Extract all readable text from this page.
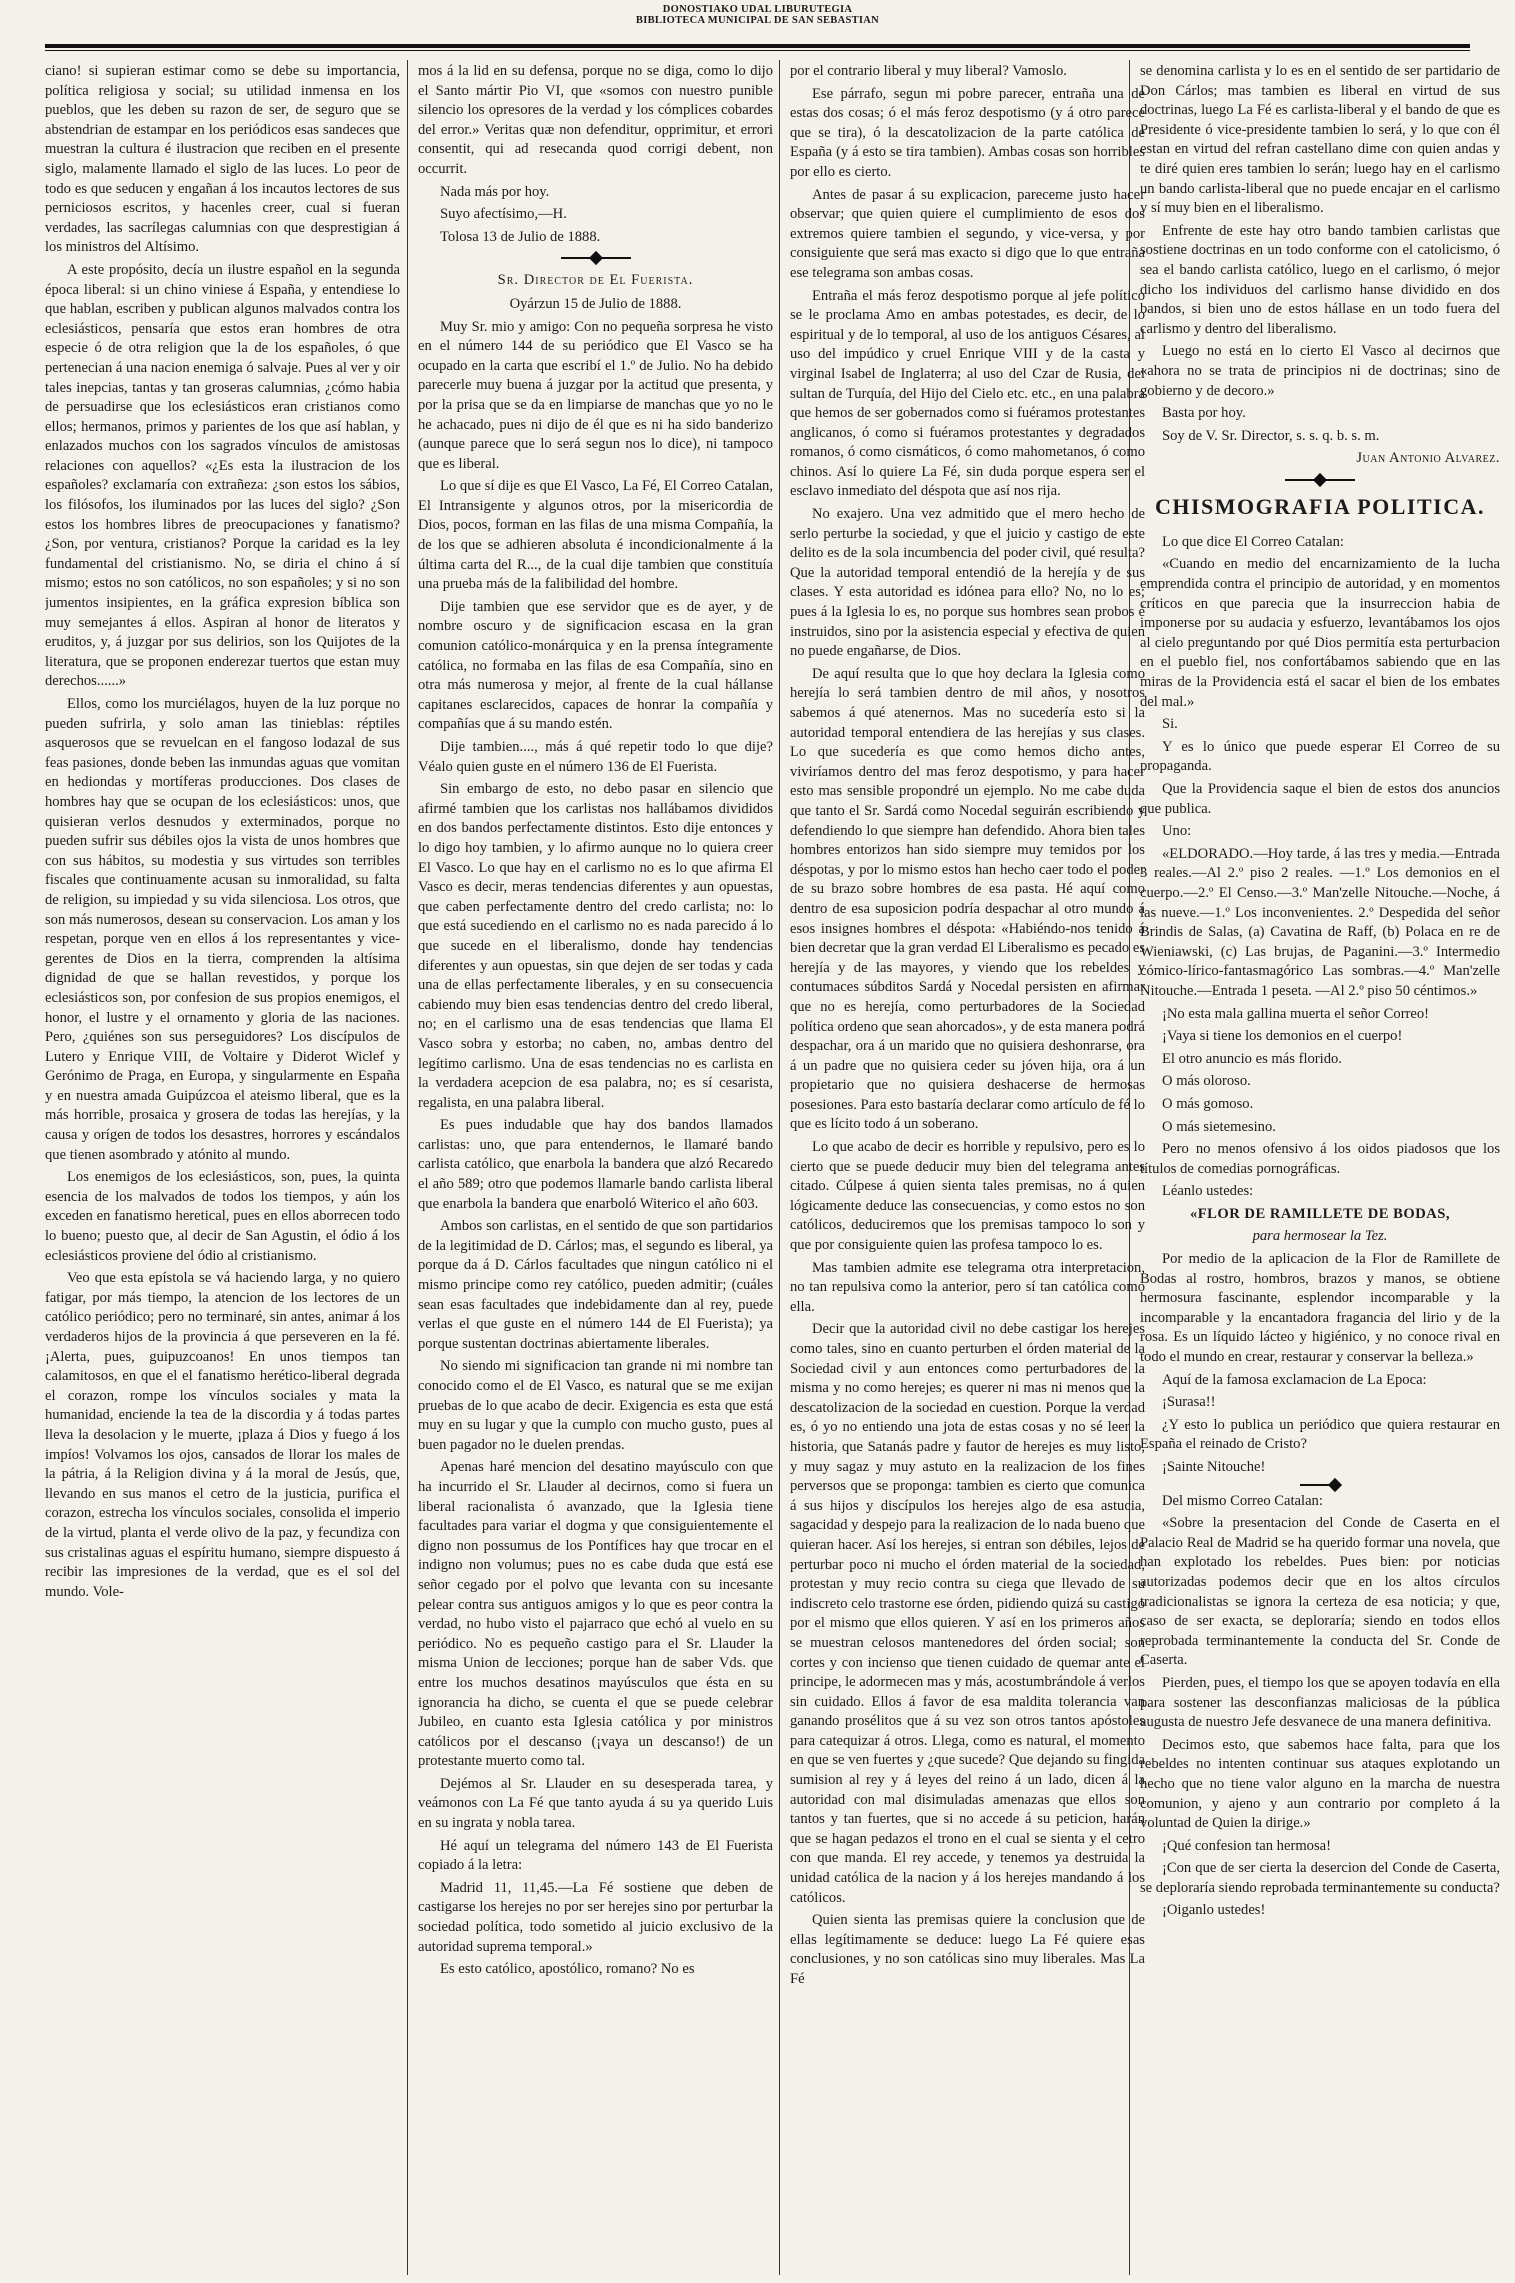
DONOSTIAKO UDAL LIBURUTEGIA
BIBLIOTECA MUNICIPAL DE SAN SEBASTIAN

ciano! si supieran estimar como se debe su importancia, política religiosa y social; su utilidad inmensa en los pueblos, que les deben su razon de ser, de seguro que se abstendrian de estampar en los periódicos esas sandeces que muestran la cultura é ilustracion que reciben en el presente siglo, malamente llamado el siglo de las luces. Lo peor de todo es que seducen y engañan á los incautos lectores de sus perniciosos escritos, y hacenles creer, cual si fueran verdades, las sacrílegas calumnias con que desprestigian á los ministros del Altísimo.

A este propósito, decía un ilustre español en la segunda época liberal: si un chino viniese á España, y entendiese lo que hablan, escriben y publican algunos malvados contra los eclesiásticos, pensaría que estos eran hombres de otra especie ó de otra religion que la de los españoles, ó que pertenecian á una nacion enemiga ó salvaje. Pues al ver y oir tales inepcias, tantas y tan groseras calumnias, ¿cómo habia de persuadirse que los eclesiásticos eran cristianos como ellos; hermanos, primos y parientes de los que así hablan, y enlazados muchos con los sagrados vínculos de amistosas relaciones con aquellos? «¿Es esta la ilustracion de los españoles? exclamaría con extrañeza: ¿son estos los sábios, los filósofos, los iluminados por las luces del siglo? ¿Son estos los hombres libres de preocupaciones y fanatismo? ¿Son, por ventura, cristianos? Porque la caridad es la ley fundamental del cristianismo. No, se diria el chino á sí mismo; estos no son católicos, no son españoles; y si no son jumentos insipientes, en la gráfica expresion bíblica son muy semejantes á ellos. Aspiran al honor de literatos y eruditos, y, á juzgar por sus delirios, son los Quijotes de la literatura, que se proponen enderezar tuertos que estan muy derechos......»

Ellos, como los murciélagos, huyen de la luz porque no pueden sufrirla, y solo aman las tinieblas: réptiles asquerosos que se revuelcan en el fangoso lodazal de sus feas pasiones, donde beben las inmundas aguas que vomitan en hediondas y mortíferas producciones. Dos clases de hombres hay que se ocupan de los eclesiásticos: unos, que quisieran verlos desnudos y exterminados, porque no pueden sufrir sus débiles ojos la vista de unos hombres que con sus hábitos, su modestia y sus virtudes son terribles fiscales que continuamente acusan su inmoralidad, su falta de religion, su impiedad y su vida silenciosa. Los otros, que son más numerosos, desean su conservacion. Los aman y los respetan, porque ven en ellos á los representantes y vice-gerentes de Dios en la tierra, comprenden la altísima dignidad de que se hallan revestidos, y porque los eclesiásticos son, por confesion de sus propios enemigos, el honor, el lustre y el ornamento y gloria de las naciones. Pero, ¿quiénes son sus perseguidores? Los discípulos de Lutero y Enrique VIII, de Voltaire y Diderot Wiclef y Gerónimo de Praga, en Europa, y singularmente en España y en nuestra amada Guipúzcoa el ateismo liberal, que es la más horrible, prosaica y grosera de todas las herejías, y la causa y orígen de todos los desastres, horrores y escándalos que tienen asombrado y atónito al mundo.

Los enemigos de los eclesiásticos, son, pues, la quinta esencia de los malvados de todos los tiempos, y aún los exceden en fanatismo heretical, pues en ellos aborrecen todo lo bueno; puesto que, al decir de San Agustin, el ódio á los eclesiásticos proviene del ódio al cristianismo.

Veo que esta epístola se vá haciendo larga, y no quiero fatigar, por más tiempo, la atencion de los lectores de un católico periódico; pero no terminaré, sin antes, animar á los verdaderos hijos de la provincia á que perseveren en la fé. ¡Alerta, pues, guipuzcoanos! En unos tiempos tan calamitosos, en que el el fanatismo herético-liberal degrada el corazon, rompe los vínculos sociales y mata la humanidad, enciende la tea de la discordia y á todas partes lleva la desolacion y le muerte, ¡plaza á Dios y fuego á los impíos! Volvamos los ojos, cansados de llorar los males de la pátria, á la Religion divina y á la moral de Jesús, que, llevando en sus manos el cetro de la justicia, purifica el corazon, estrecha los vínculos sociales, consolida el imperio de la virtud, planta el verde olivo de la paz, y fecundiza con sus cristalinas aguas el espíritu humano, siempre dispuesto á recibir las impresiones de la verdad, que es el sol del mundo. Vole-

mos á la lid en su defensa, porque no se diga, como lo dijo el Santo mártir Pio VI, que «somos con nuestro punible silencio los opresores de la verdad y los cómplices cobardes del error.» Veritas quæ non defenditur, opprimitur, et errori consentit, qui ad resecanda quod corrigi debent, non occurrit.

Nada más por hoy.

Suyo afectísimo,—H.

Tolosa 13 de Julio de 1888.

Sr. Director de El Fuerista.

Oyárzun 15 de Julio de 1888.

Muy Sr. mio y amigo: Con no pequeña sorpresa he visto en el número 144 de su periódico que El Vasco se ha ocupado en la carta que escribí el 1.º de Julio. No ha debido parecerle muy buena á juzgar por la actitud que presenta, y por la prisa que se da en limpiarse de manchas que yo no le he achacado, pues ni dijo de él que es ni ha sido banderizo (aunque parece que lo será segun nos lo dice), ni tampoco que es liberal.

Lo que sí dije es que El Vasco, La Fé, El Correo Catalan, El Intransigente y algunos otros, por la misericordia de Dios, pocos, forman en las filas de una misma Compañía, la de los que se adhieren absoluta é incondicionalmente á la última carta del R..., de la cual dije tambien que constituía una prueba más de la falibilidad del hombre.

Dije tambien que ese servidor que es de ayer, y de nombre oscuro y de significacion escasa en la gran comunion católico-monárquica y en la prensa íntegramente católica, no formaba en las filas de esa Compañía, sino en otra más numerosa y mejor, al frente de la cual hállanse capitanes esclarecidos, capaces de honrar la compañía y compañías que á su mando estén.

Dije tambien...., más á qué repetir todo lo que dije? Véalo quien guste en el número 136 de El Fuerista.

Sin embargo de esto, no debo pasar en silencio que afirmé tambien que los carlistas nos hallábamos divididos en dos bandos perfectamente distintos. Esto dije entonces y lo digo hoy tambien, y lo afirmo aunque no lo quiera creer El Vasco. Lo que hay en el carlismo no es lo que afirma El Vasco es decir, meras tendencias diferentes y aun opuestas, que caben perfectamente dentro del credo carlista; no: lo que está sucediendo en el carlismo no es nada parecido á lo que sucede en el liberalismo, donde hay tendencias diferentes y aun opuestas, sin que dejen de ser todas y cada una de ellas perfectamente liberales, y en su consecuencia cabiendo muy bien esas tendencias dentro del credo liberal, no; en el carlismo una de esas tendencias que llama El Vasco sobra y estorba; no caben, no, ambas dentro del legítimo carlismo. Una de esas tendencias no es carlista en la verdadera acepcion de esa palabra, no; es sí cesarista, regalista, en una palabra liberal.

Es pues indudable que hay dos bandos llamados carlistas: uno, que para entendernos, le llamaré bando carlista católico, que enarbola la bandera que alzó Recaredo el año 589; otro que podemos llamarle bando carlista liberal que enarbola la bandera que enarboló Witerico el año 603.

Ambos son carlistas, en el sentido de que son partidarios de la legitimidad de D. Cárlos; mas, el segundo es liberal, ya porque da á D. Cárlos facultades que ningun católico ni el mismo principe como rey católico, pueden admitir; (cuáles sean esas facultades que indebidamente dan al rey, puede verlas el que guste en el número 144 de El Fuerista); ya porque sustentan doctrinas abiertamente liberales.

No siendo mi significacion tan grande ni mi nombre tan conocido como el de El Vasco, es natural que se me exijan pruebas de lo que acabo de decir. Exigencia es esta que está muy en su lugar y que la cumplo con mucho gusto, pues al buen pagador no le duelen prendas.

Apenas haré mencion del desatino mayúsculo con que ha incurrido el Sr. Llauder al decirnos, como si fuera un liberal racionalista ó avanzado, que la Iglesia tiene facultades para variar el dogma y que consiguientemente el digno non possumus de los Pontífices hay que trocar en el indigno non volumus; pues no es cabe duda que está ese señor cegado por el polvo que levanta con su incesante pelear contra sus antiguos amigos y lo que es peor contra la verdad, no hubo visto el pajarraco que echó al vuelo en su periódico. No es pequeño castigo para el Sr. Llauder la misma Union de lecciones; porque han de saber Vds. que entre los muchos desatinos mayúsculos que ésta en su ignorancia ha dicho, se cuenta el que se puede celebrar Jubileo, en cuanto esta Iglesia católica y por ministros católicos por el descanso (¡vaya un descanso!) de un protestante muerto como tal.

Dejémos al Sr. Llauder en su desesperada tarea, y veámonos con La Fé que tanto ayuda á su ya querido Luis en su ingrata y nobla tarea.

Hé aquí un telegrama del número 143 de El Fuerista copiado á la letra:

Madrid 11, 11,45.—La Fé sostiene que deben de castigarse los herejes no por ser herejes sino por perturbar la sociedad política, todo sometido al juicio exclusivo de la autoridad suprema temporal.»

Es esto católico, apostólico, romano? No es

por el contrario liberal y muy liberal? Vamoslo.

Ese párrafo, segun mi pobre parecer, entraña una de estas dos cosas; ó el más feroz despotismo (y á otro parece que se tira), ó la descatolizacion de la parte católica de España (y á esto se tira tambien). Ambas cosas son horribles por ello es cierto.

Antes de pasar á su explicacion, pareceme justo hacer observar; que quien quiere el cumplimiento de esos dos extremos quiere tambien el segundo, y vice-versa, y por consiguiente que será mas exacto si digo que lo que entraña ese telegrama son ambas cosas.

Entraña el más feroz despotismo porque al jefe político se le proclama Amo en ambas potestades, es decir, de lo espiritual y de lo temporal, al uso de los antiguos Césares, al uso del impúdico y cruel Enrique VIII y de la casta y virginal Isabel de Inglaterra; al uso del Czar de Rusia, del sultan de Turquía, del Hijo del Cielo etc. etc., en una palabra que hemos de ser gobernados como si fuéramos protestantes anglicanos, ó como si fuéramos protestantes y degradados romanos, ó como cismáticos, ó como mahometanos, ó como chinos. Así lo quiere La Fé, sin duda porque espera ser el esclavo inmediato del déspota que así nos rija.

No exajero. Una vez admitido que el mero hecho de serlo perturbe la sociedad, y que el juicio y castigo de este delito es de la sola incumbencia del poder civil, qué resulta? Que la autoridad temporal entendió de la herejía y de sus clases. Y esta autoridad es idónea para ello? No, no lo es; pues á la Iglesia lo es, no porque sus hombres sean probos é instruidos, sino por la asistencia especial y efectiva de quien no puede engañarse, de Dios.

De aquí resulta que lo que hoy declara la Iglesia como herejía lo será tambien dentro de mil años, y nosotros sabemos á qué atenernos. Mas no sucedería esto si la autoridad temporal entendiera de las herejías y sus clases. Lo que sucedería es que como hemos dicho antes, viviríamos dentro del mas feroz despotismo, y para hacer esto mas sensible propondré un ejemplo. No me cabe duda que tanto el Sr. Sardá como Nocedal seguirán escribiendo y defendiendo lo que siempre han defendido. Ahora bien tales hombres entorizos han sido siempre muy temidos por los déspotas, y por lo mismo estos han hecho caer todo el poder de su brazo sobre hombres de esa pasta. Hé aquí como dentro de esa suposicion podría despachar al otro mundo á esos insignes hombres el déspota: «Habiéndo-nos tenido á bien decretar que la gran verdad El Liberalismo es pecado es herejía y de las mayores, y viendo que los rebeldes y contumaces súbditos Sardá y Nocedal persisten en afirmar que no es herejía, como perturbadores de la Sociedad política ordeno que sean ahorcados», y de esta manera podrá despachar, ora á un marido que no quisiera deshonrarse, ora á un padre que no quisiera ceder su jóven hija, ora á un propietario que no quisiera deshacerse de hermosas posesiones. Para esto bastaría declarar como artículo de fé lo que es lícito todo á un soberano.

Lo que acabo de decir es horrible y repulsivo, pero es lo cierto que se puede deducir muy bien del telegrama antes citado. Cúlpese á quien sienta tales premisas, no á quien lógicamente deduce las consecuencias, y como estos no son católicos, deduciremos que los premisas tampoco lo son y que por consiguiente quien las profesa tampoco lo es.

Mas tambien admite ese telegrama otra interpretacion, no tan repulsiva como la anterior, pero sí tan católica como ella.

Decir que la autoridad civil no debe castigar los herejes como tales, sino en cuanto perturben el órden material de la Sociedad civil y aun entonces como perturbadores de la misma y no como herejes; es querer ni mas ni menos que la descatolizacion de la sociedad en cuestion. Porque la verdad es, ó yo no entiendo una jota de estas cosas y no sé leer la historia, que Satanás padre y fautor de herejes es muy listo, y muy sagaz y muy astuto en la realizacion de los fines perversos que se proponga: tambien es cierto que comunica á sus hijos y discípulos los herejes algo de esa astucia, sagacidad y despejo para la realizacion de lo nada bueno que quieran hacer. Así los herejes, si entran son débiles, lejos de perturbar poco ni mucho el órden material de la sociedad, protestan y muy recio contra su ciega que llevado de su indiscreto celo trastorne ese órden, pidiendo quizá su castigo por el mismo que ellos quieren. Y así en los primeros años se muestran celosos mantenedores del órden social; son cortes y con incienso que tienen cuidado de quemar ante el principe, le adormecen mas y más, acostumbrándole á verlos sin cuidado. Ellos á favor de esa maldita tolerancia van ganando prosélitos que á su vez son otros tantos apóstoles para catequizar á otros. Llega, como es natural, el momento en que se ven fuertes y ¿que sucede? Que dejando su fingida sumision al rey y á leyes del reino á un lado, dicen á la autoridad con mal disimuladas amenazas que ellos son tantos y tan fuertes, que si no accede á su peticion, harán que se hagan pedazos el trono en el cual se sienta y el cetro con que manda. El rey accede, y tenemos ya destruida la unidad católica de la nacion y á los herejes mandando á los católicos.

Quien sienta las premisas quiere la conclusion que de ellas legítimamente se deduce: luego La Fé quiere esas conclusiones, y no son católicas sino muy liberales. Mas La Fé

se denomina carlista y lo es en el sentido de ser partidario de Don Cárlos; mas tambien es liberal en virtud de sus doctrinas, luego La Fé es carlista-liberal y el bando de que es Presidente ó vice-presidente tambien lo será, y lo que con él estan en virtud del refran castellano dime con quien andas y te diré quien eres tambien lo serán; luego hay en el carlismo un bando carlista-liberal que no puede encajar en el carlismo y sí muy bien en el liberalismo.

Enfrente de este hay otro bando tambien carlistas que sostiene doctrinas en un todo conforme con el catolicismo, ó sea el bando carlista católico, luego en el carlismo, ó mejor dicho los individuos del carlismo hanse dividido en dos bandos, si bien uno de estos hállase en un todo fuera del carlismo y dentro del liberalismo.

Luego no está en lo cierto El Vasco al decirnos que «ahora no se trata de principios ni de doctrinas; sino de gobierno y de decoro.»

Basta por hoy.

Soy de V. Sr. Director, s. s. q. b. s. m.

Juan Antonio Alvarez.

CHISMOGRAFIA POLITICA.

Lo que dice El Correo Catalan:

«Cuando en medio del encarnizamiento de la lucha emprendida contra el principio de autoridad, y en momentos críticos en que parecia que la insurreccion habia de imponerse por su audacia y esfuerzo, levantábamos los ojos al cielo preguntando por qué Dios permitía esta perturbacion en el pueblo fiel, nos confortábamos sabiendo que en las miras de la Providencia está el sacar el bien de los embates del mal.»

Si.

Y es lo único que puede esperar El Correo de su propaganda.

Que la Providencia saque el bien de estos dos anuncios que publica.

Uno:

«ELDORADO.—Hoy tarde, á las tres y media.—Entrada 3 reales.—Al 2.º piso 2 reales. —1.º Los demonios en el cuerpo.—2.º El Censo.—3.º Man'zelle Nitouche.—Noche, á las nueve.—1.º Los inconvenientes. 2.º Despedida del señor Brindis de Salas, (a) Cavatina de Raff, (b) Polaca en re de Wieniawski, (c) Las brujas, de Paganini.—3.º Intermedio cómico-lírico-fantasmagórico Las sombras.—4.º Man'zelle Nitouche.—Entrada 1 peseta. —Al 2.º piso 50 céntimos.»

¡No esta mala gallina muerta el señor Correo!

¡Vaya si tiene los demonios en el cuerpo!

El otro anuncio es más florido.

O más oloroso.

O más gomoso.

O más sietemesino.

Pero no menos ofensivo á los oidos piadosos que los títulos de comedias pornográficas.

Léanlo ustedes:

«FLOR DE RAMILLETE DE BODAS,

para hermosear la Tez.

Por medio de la aplicacion de la Flor de Ramillete de Bodas al rostro, hombros, brazos y manos, se obtiene hermosura fascinante, esplendor incomparable y la incomparable y la encantadora fragancia del lirio y de la rosa. Es un líquido lácteo y higiénico, y no conoce rival en todo el mundo en crear, restaurar y conservar la belleza.»

Aquí de la famosa exclamacion de La Epoca:

¡Surasa!!

¿Y esto lo publica un periódico que quiera restaurar en España el reinado de Cristo?

¡Sainte Nitouche!

Del mismo Correo Catalan:

«Sobre la presentacion del Conde de Caserta en el Palacio Real de Madrid se ha querido formar una novela, que han explotado los rebeldes. Pues bien: por noticias autorizadas podemos decir que en los altos círculos tradicionalistas se ignora la certeza de esa noticia; y que, caso de ser exacta, se deploraría; siendo en todos ellos reprobada terminantemente la conducta del Sr. Conde de Caserta.

Pierden, pues, el tiempo los que se apoyen todavía en ella para sostener las desconfianzas maliciosas de la pública augusta de nuestro Jefe desvanece de una manera definitiva.

Decimos esto, que sabemos hace falta, para que los rebeldes no intenten continuar sus ataques explotando un hecho que no tiene valor alguno en la marcha de nuestra comunion, y ajeno y aun contrario por completo á la voluntad de Quien la dirige.»

¡Qué confesion tan hermosa!

¡Con que de ser cierta la desercion del Conde de Caserta, se deploraría siendo reprobada terminantemente su conducta?

¡Oiganlo ustedes!
